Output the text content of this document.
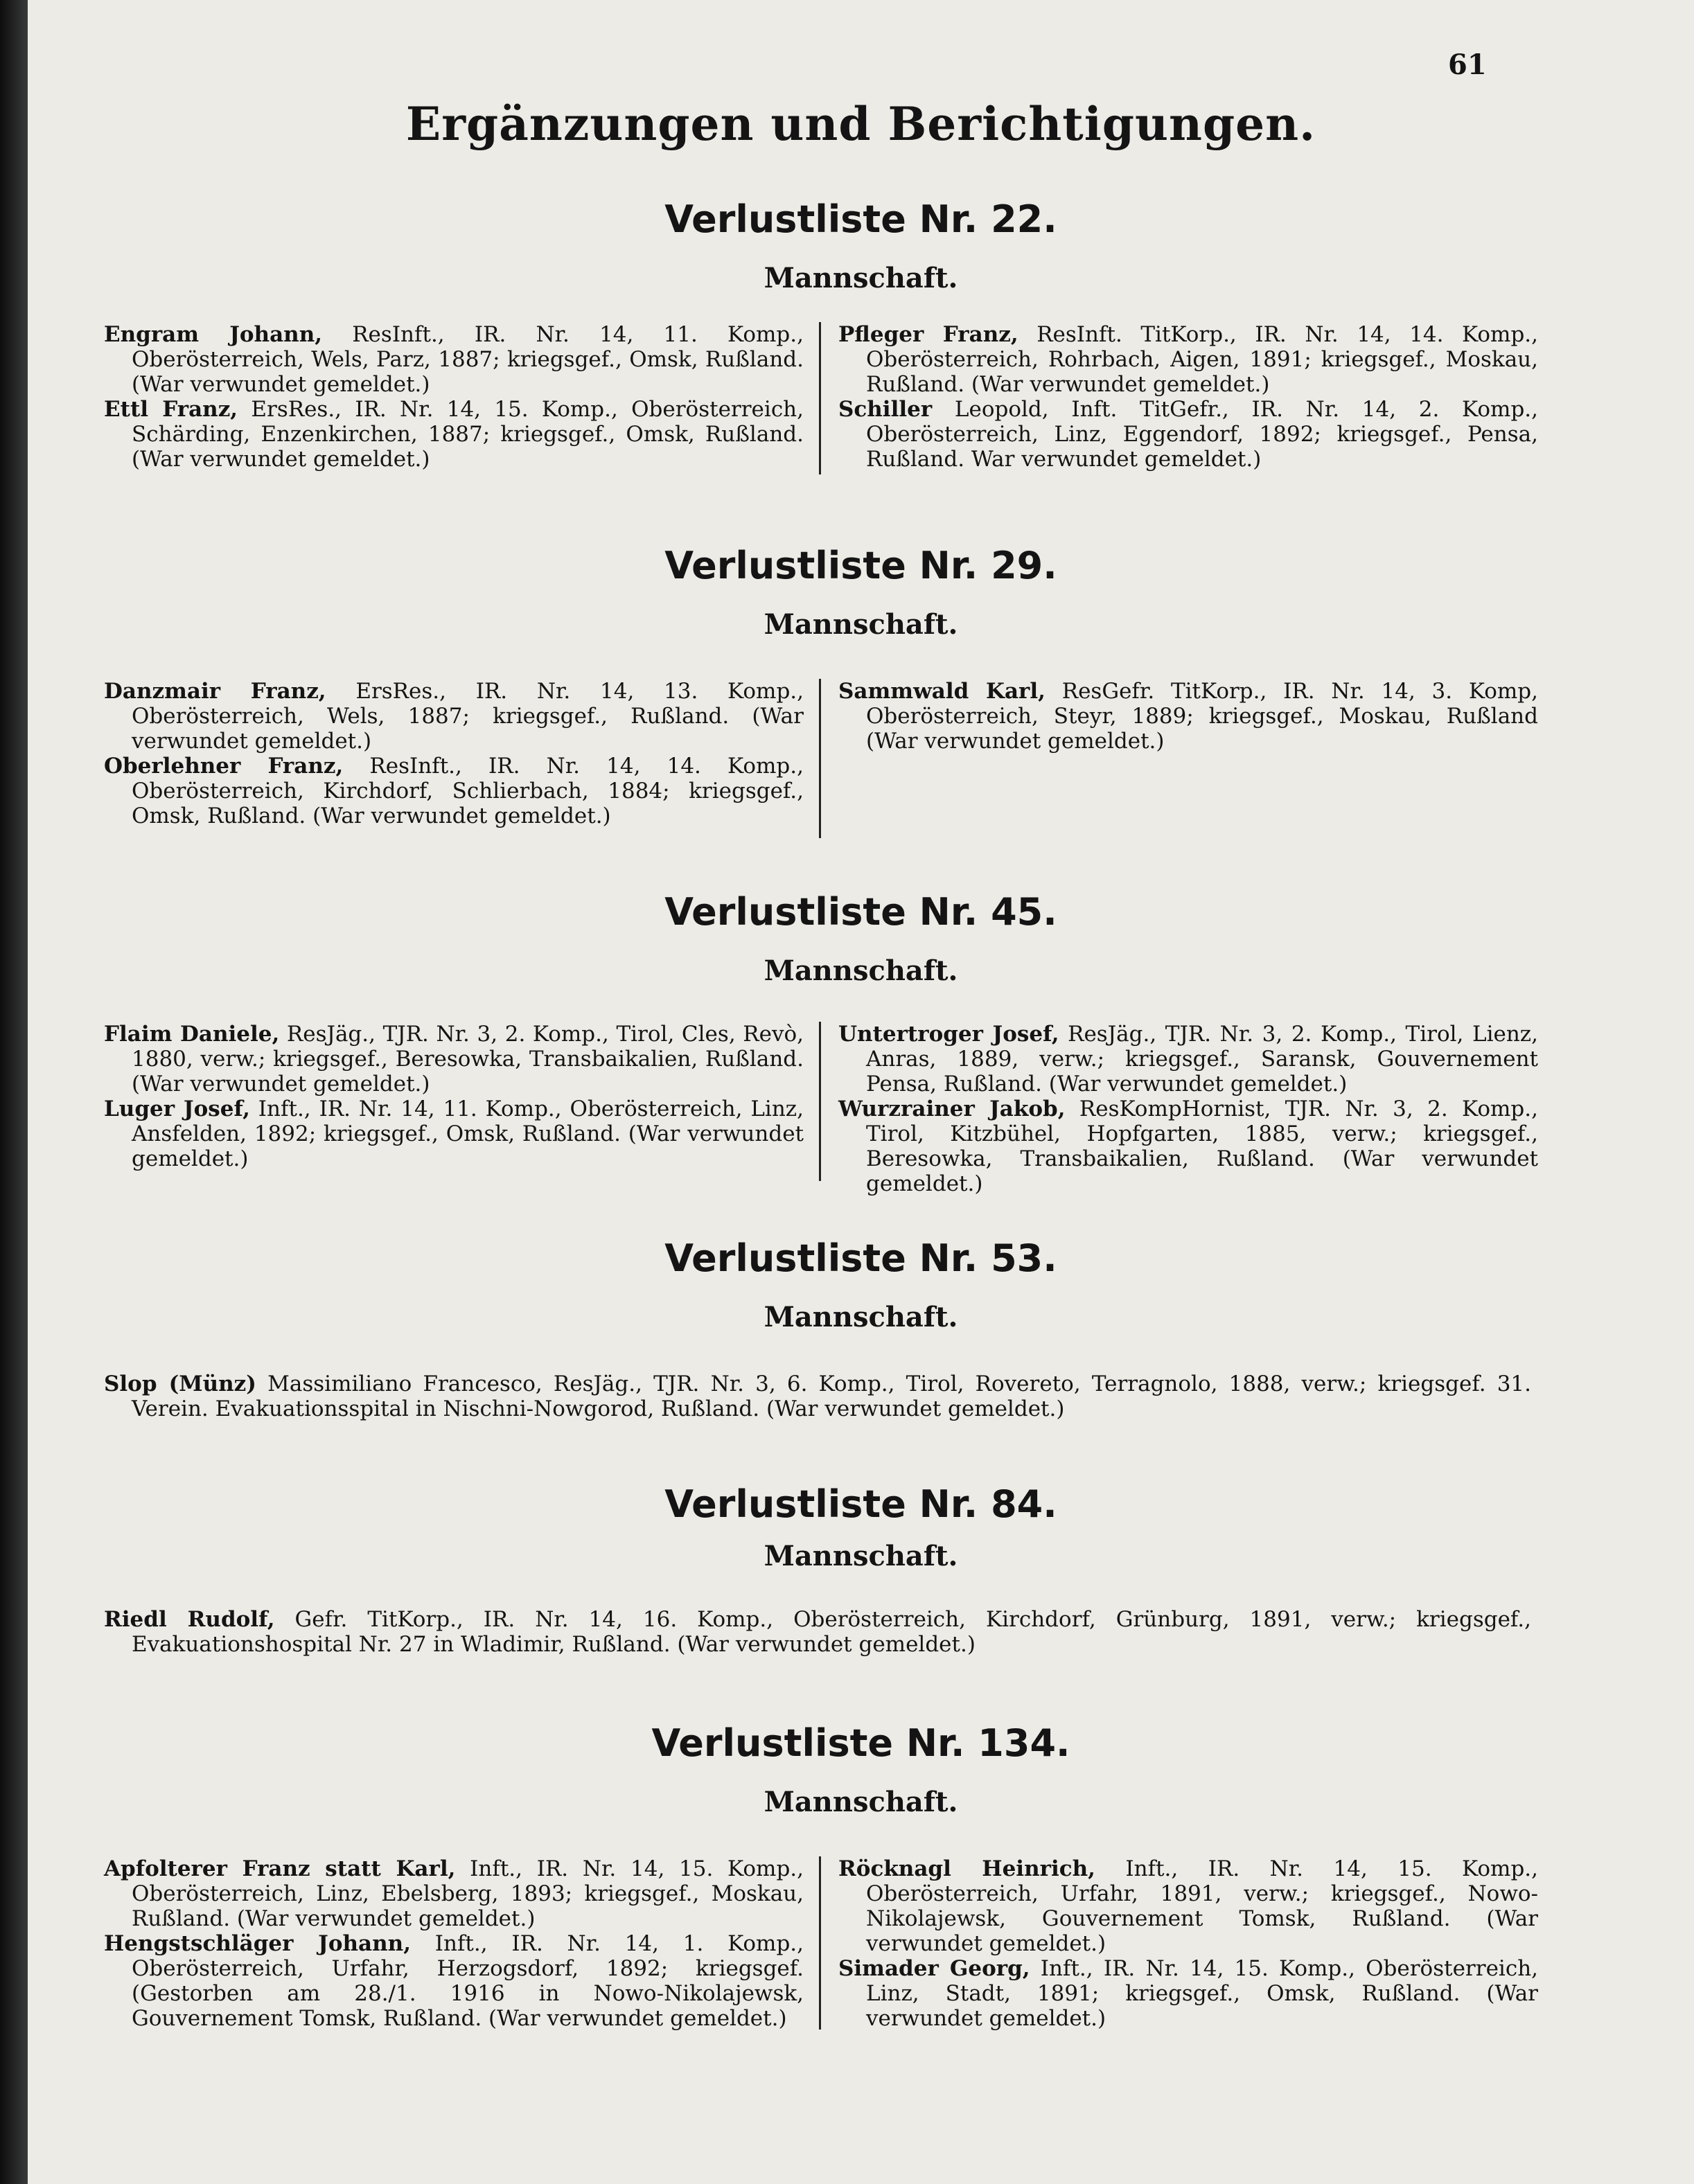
61
Ergänzungen und Berichtigungen.
Verlustliste Nr. 22.
Mannschaft.

Engram Johann, ResInft., IR. Nr. 14, 11. Komp., Oberösterreich, Wels, Parz, 1887; kriegsgef., Omsk, Rußland. (War verwundet gemeldet.)

Ettl Franz, ErsRes., IR. Nr. 14, 15. Komp., Oberösterreich, Schärding, Enzenkirchen, 1887; kriegsgef., Omsk, Rußland. (War verwundet gemeldet.)

Pfleger Franz, ResInft. TitKorp., IR. Nr. 14, 14. Komp., Oberösterreich, Rohrbach, Aigen, 1891; kriegsgef., Moskau, Rußland. (War verwundet gemeldet.)

Schiller Leopold, Inft. TitGefr., IR. Nr. 14, 2. Komp., Oberösterreich, Linz, Eggendorf, 1892; kriegsgef., Pensa, Rußland. War verwundet gemeldet.)

Verlustliste Nr. 29.
Mannschaft.

Danzmair Franz, ErsRes., IR. Nr. 14, 13. Komp., Oberösterreich, Wels, 1887; kriegsgef., Rußland. (War verwundet gemeldet.)

Oberlehner Franz, ResInft., IR. Nr. 14, 14. Komp., Oberösterreich, Kirchdorf, Schlierbach, 1884; kriegsgef., Omsk, Rußland. (War verwundet gemeldet.)

Sammwald Karl, ResGefr. TitKorp., IR. Nr. 14, 3. Komp, Oberösterreich, Steyr, 1889; kriegsgef., Moskau, Rußland (War verwundet gemeldet.)

Verlustliste Nr. 45.
Mannschaft.

Flaim Daniele, ResJäg., TJR. Nr. 3, 2. Komp., Tirol, Cles, Revò, 1880, verw.; kriegsgef., Beresowka, Transbaikalien, Rußland. (War verwundet gemeldet.)

Luger Josef, Inft., IR. Nr. 14, 11. Komp., Oberösterreich, Linz, Ansfelden, 1892; kriegsgef., Omsk, Rußland. (War verwundet gemeldet.)

Untertroger Josef, ResJäg., TJR. Nr. 3, 2. Komp., Tirol, Lienz, Anras, 1889, verw.; kriegsgef., Saransk, Gouvernement Pensa, Rußland. (War verwundet gemeldet.)

Wurzrainer Jakob, ResKompHornist, TJR. Nr. 3, 2. Komp., Tirol, Kitzbühel, Hopfgarten, 1885, verw.; kriegsgef., Beresowka, Transbaikalien, Rußland. (War verwundet gemeldet.)

Verlustliste Nr. 53.
Mannschaft.

Slop (Münz) Massimiliano Francesco, ResJäg., TJR. Nr. 3, 6. Komp., Tirol, Rovereto, Terragnolo, 1888, verw.; kriegsgef. 31. Verein. Evakuationsspital in Nischni-Nowgorod, Rußland. (War verwundet gemeldet.)

Verlustliste Nr. 84.
Mannschaft.

Riedl Rudolf, Gefr. TitKorp., IR. Nr. 14, 16. Komp., Oberösterreich, Kirchdorf, Grünburg, 1891, verw.; kriegsgef., Evakuationshospital Nr. 27 in Wladimir, Rußland. (War verwundet gemeldet.)

Verlustliste Nr. 134.
Mannschaft.

Apfolterer Franz statt Karl, Inft., IR. Nr. 14, 15. Komp., Oberösterreich, Linz, Ebelsberg, 1893; kriegsgef., Moskau, Rußland. (War verwundet gemeldet.)

Hengstschläger Johann, Inft., IR. Nr. 14, 1. Komp., Oberösterreich, Urfahr, Herzogsdorf, 1892; kriegsgef. (Gestorben am 28./1. 1916 in Nowo-Nikolajewsk, Gouvernement Tomsk, Rußland. (War verwundet gemeldet.)

Röcknagl Heinrich, Inft., IR. Nr. 14, 15. Komp., Oberösterreich, Urfahr, 1891, verw.; kriegsgef., Nowo-Nikolajewsk, Gouvernement Tomsk, Rußland. (War verwundet gemeldet.)

Simader Georg, Inft., IR. Nr. 14, 15. Komp., Oberösterreich, Linz, Stadt, 1891; kriegsgef., Omsk, Rußland. (War verwundet gemeldet.)
